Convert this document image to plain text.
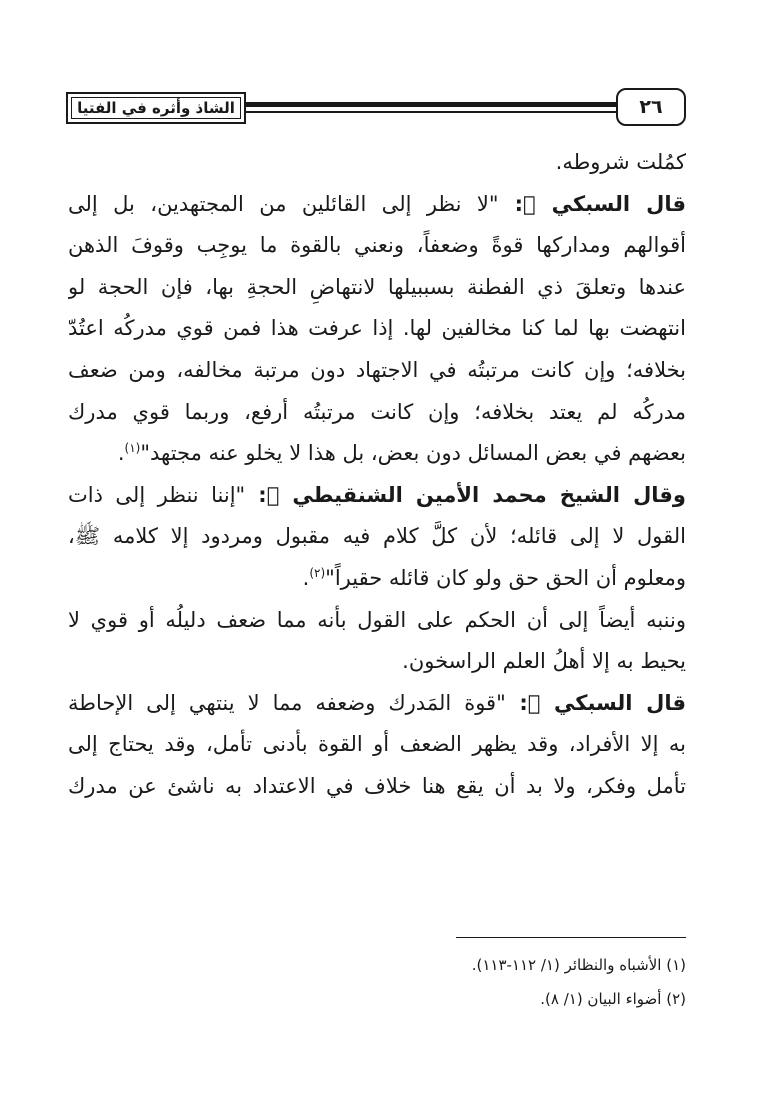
الشاذ وأثره في الفتيا	٢٦
كمُلت شروطه.
قال السبكي ﷬: "لا نظر إلى القائلين من المجتهدين، بل إلى
أقوالهم ومداركها قوةً وضعفاً، ونعني بالقوة ما يوجِب وقوفَ الذهن
عندها وتعلقَ ذي الفطنة بسببيلها لانتهاضِ الحجةِ بها، فإن الحجة لو
انتهضت بها لما كنا مخالفين لها. إذا عرفت هذا فمن قوي مدركُه اعتُدّ
بخلافه؛ وإن كانت مرتبتُه في الاجتهاد دون مرتبة مخالفه، ومن ضعف
مدركُه لم يعتد بخلافه؛ وإن كانت مرتبتُه أرفع، وربما قوي مدرك
بعضهم في بعض المسائل دون بعض، بل هذا لا يخلو عنه مجتهد"$^{(١)}$.
وقال الشيخ محمد الأمين الشنقيطي ﷬: "إننا ننظر إلى ذات
القول لا إلى قائله؛ لأن كلَّ كلام فيه مقبول ومردود إلا كلامه ﷺ،
ومعلوم أن الحق حق ولو كان قائله حقيراً"$^{(٢)}$.
وننبه أيضاً إلى أن الحكم على القول بأنه مما ضعف دليلُه أو قوي لا
يحيط به إلا أهلُ العلم الراسخون.
قال السبكي ﷬: "قوة المَدرك وضعفه مما لا ينتهي إلى الإحاطة
به إلا الأفراد، وقد يظهر الضعف أو القوة بأدنى تأمل، وقد يحتاج إلى
تأمل وفكر، ولا بد أن يقع هنا خلاف في الاعتداد به ناشئ عن مدرك
(١) الأشباه والنظائر (١/ ١١٢-١١٣).
(٢) أضواء البيان (١/ ٨).
